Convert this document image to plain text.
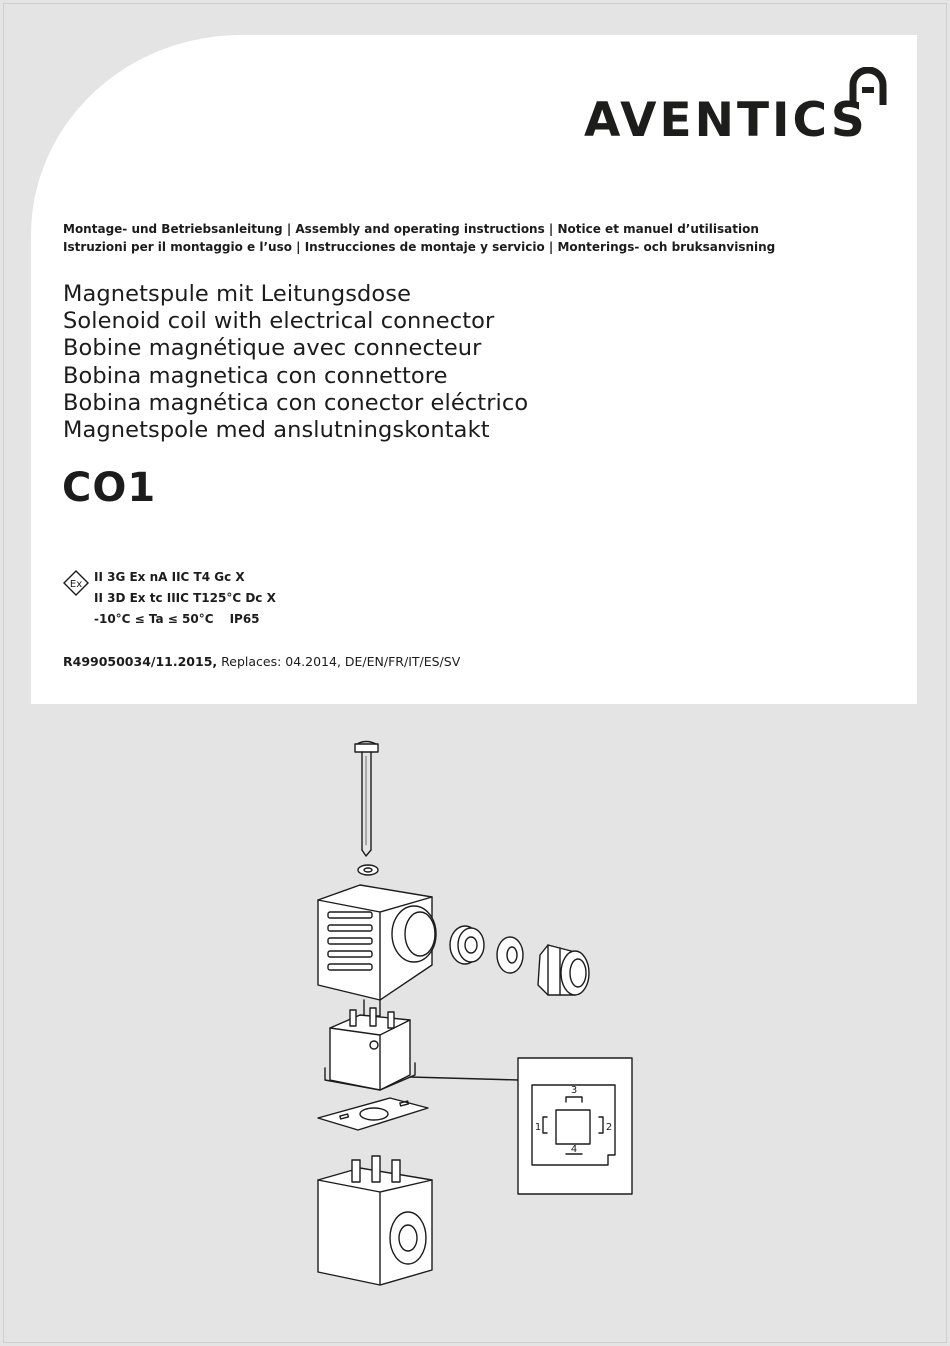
AVENTICS
Montage- und Betriebsanleitung | Assembly and operating instructions | Notice et manuel d’utilisation
Istruzioni per il montaggio e l’uso | Instrucciones de montaje y servicio | Monterings- och bruksanvisning
Magnetspule mit Leitungsdose
Solenoid coil with electrical connector
Bobine magnétique avec connecteur
Bobina magnetica con connettore
Bobina magnética con conector eléctrico
Magnetspole med anslutningskontakt
CO1
Ex
II 3G Ex nA IIC T4 Gc X
II 3D Ex tc IIIC T125°C Dc X
-10°C ≤ Ta ≤ 50°C IP65
R499050034/11.2015, Replaces: 04.2014, DE/EN/FR/IT/ES/SV
3
1	2
4
